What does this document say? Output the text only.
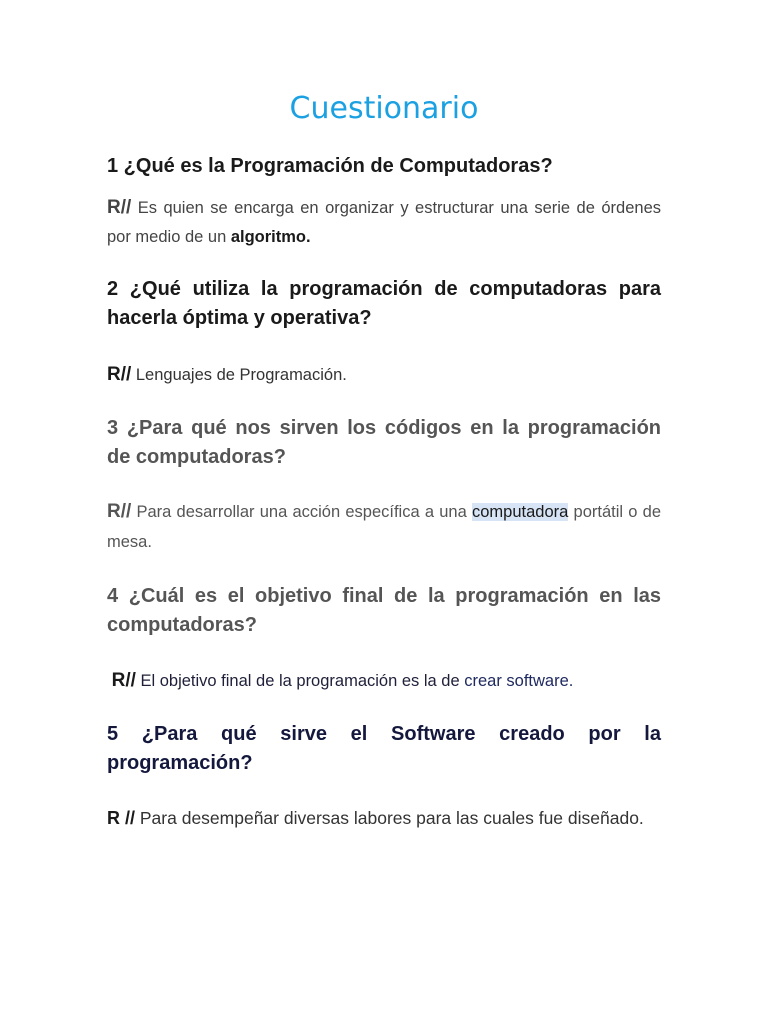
Cuestionario

1 ¿Qué es la Programación de Computadoras?

R// Es quien se encarga en organizar y estructurar una serie de órdenes por medio de un algoritmo.

2 ¿Qué utiliza la programación de computadoras para hacerla óptima y operativa?

R// Lenguajes de Programación.

3 ¿Para qué nos sirven los códigos en la programación de computadoras?

R// Para desarrollar una acción específica a una computadora portátil o de mesa.

4 ¿Cuál es el objetivo final de la programación en las computadoras?

R// El objetivo final de la programación es la de crear software.

5 ¿Para qué sirve el Software creado por la programación?

R // Para desempeñar diversas labores para las cuales fue diseñado.
